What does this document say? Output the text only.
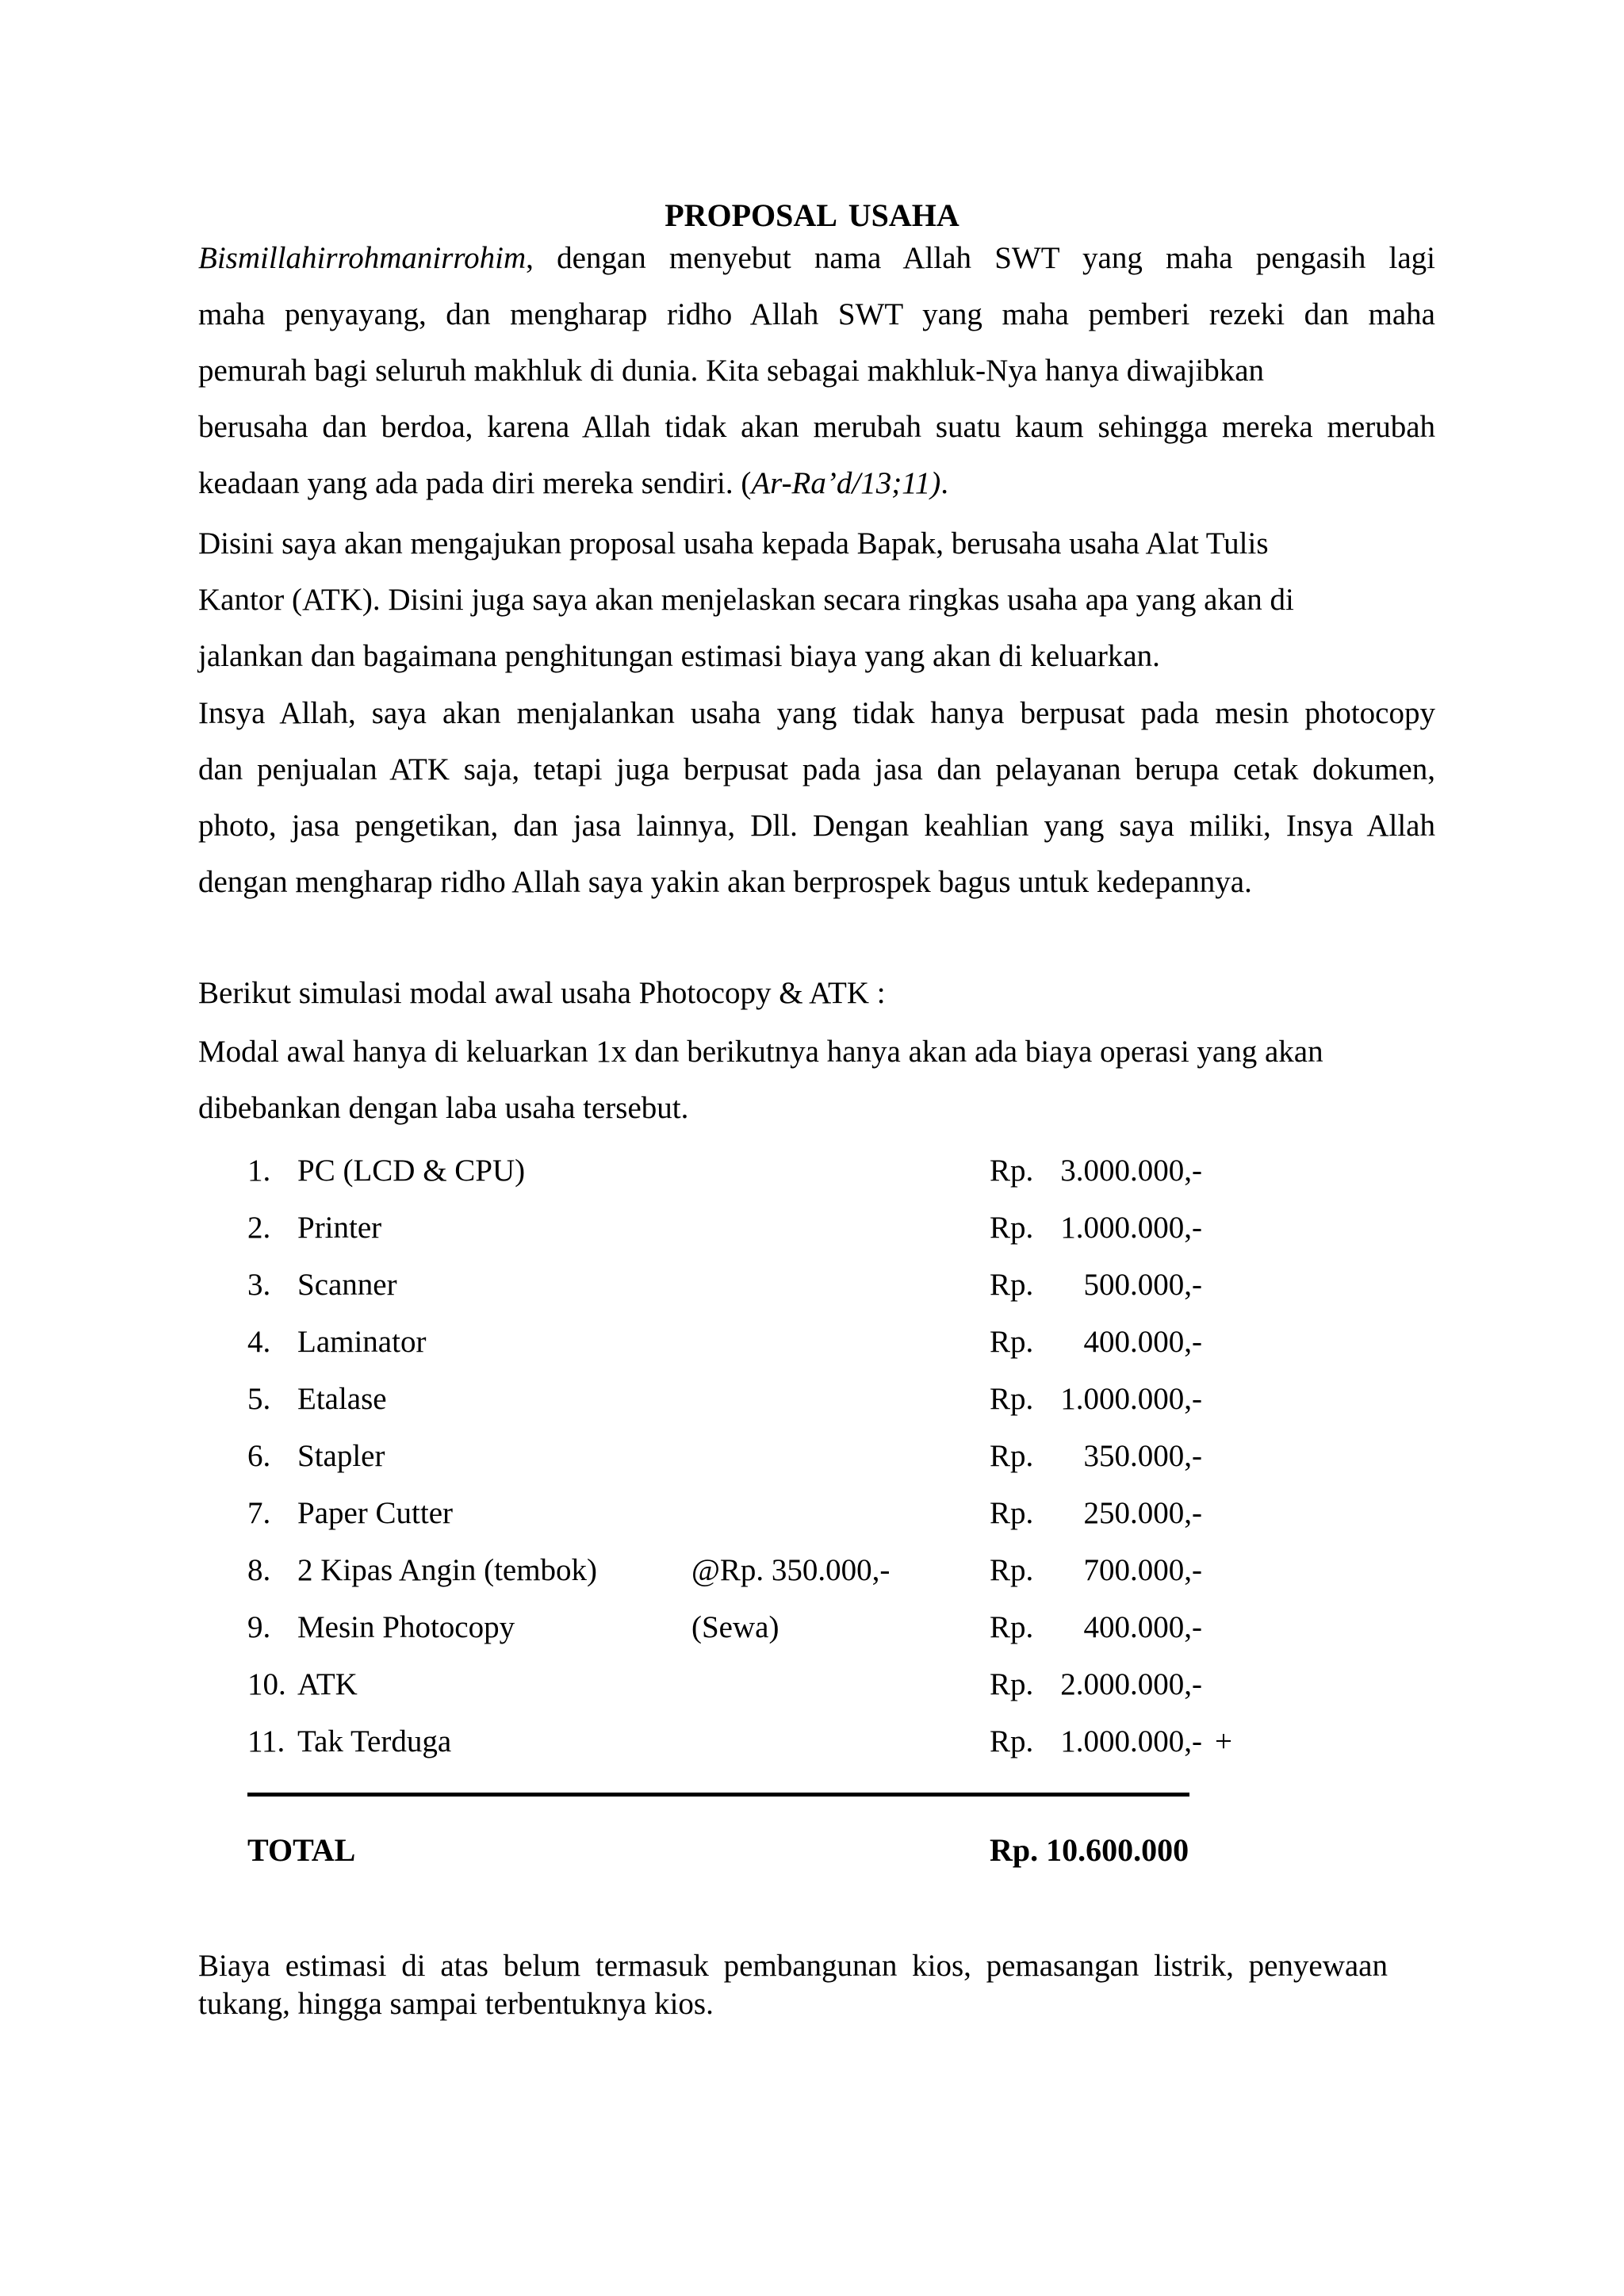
PROPOSAL USAHA
Bismillahirrohmanirrohim, dengan menyebut nama Allah SWT yang maha pengasih lagi
maha penyayang, dan mengharap ridho Allah SWT yang maha pemberi rezeki dan maha
pemurah bagi seluruh makhluk di dunia. Kita sebagai makhluk-Nya hanya diwajibkan
berusaha dan berdoa, karena Allah tidak akan merubah suatu kaum sehingga mereka merubah
keadaan yang ada pada diri mereka sendiri. (Ar-Ra’d/13;11).
Disini saya akan mengajukan proposal usaha kepada Bapak, berusaha usaha Alat Tulis
Kantor (ATK). Disini juga saya akan menjelaskan secara ringkas usaha apa yang akan di
jalankan dan bagaimana penghitungan estimasi biaya yang akan di keluarkan.
Insya Allah, saya akan menjalankan usaha yang tidak hanya berpusat pada mesin photocopy
dan penjualan ATK saja, tetapi juga berpusat pada jasa dan pelayanan berupa cetak dokumen,
photo, jasa pengetikan, dan jasa lainnya, Dll. Dengan keahlian yang saya miliki, Insya Allah
dengan mengharap ridho Allah saya yakin akan berprospek bagus untuk kedepannya.
Berikut simulasi modal awal usaha Photocopy & ATK :
Modal awal hanya di keluarkan 1x dan berikutnya hanya akan ada biaya operasi yang akan
dibebankan dengan laba usaha tersebut.
1. PC (LCD & CPU)	Rp. 3.000.000,-
2. Printer	Rp. 1.000.000,-
3. Scanner	Rp.	500.000,-
4. Laminator	Rp.	400.000,-
5. Etalase	Rp. 1.000.000,-
6. Stapler	Rp.	350.000,-
7. Paper Cutter	Rp.	250.000,-
8. 2 Kipas Angin (tembok)	@Rp. 350.000,-	Rp.	700.000,-
9. Mesin Photocopy	(Sewa)	Rp.	400.000,-
10. ATK	Rp. 2.000.000,-
11. Tak Terduga	Rp. 1.000.000,- +
TOTAL	Rp. 10.600.000
Biaya estimasi di atas belum termasuk pembangunan kios, pemasangan listrik, penyewaan
tukang, hingga sampai terbentuknya kios.
